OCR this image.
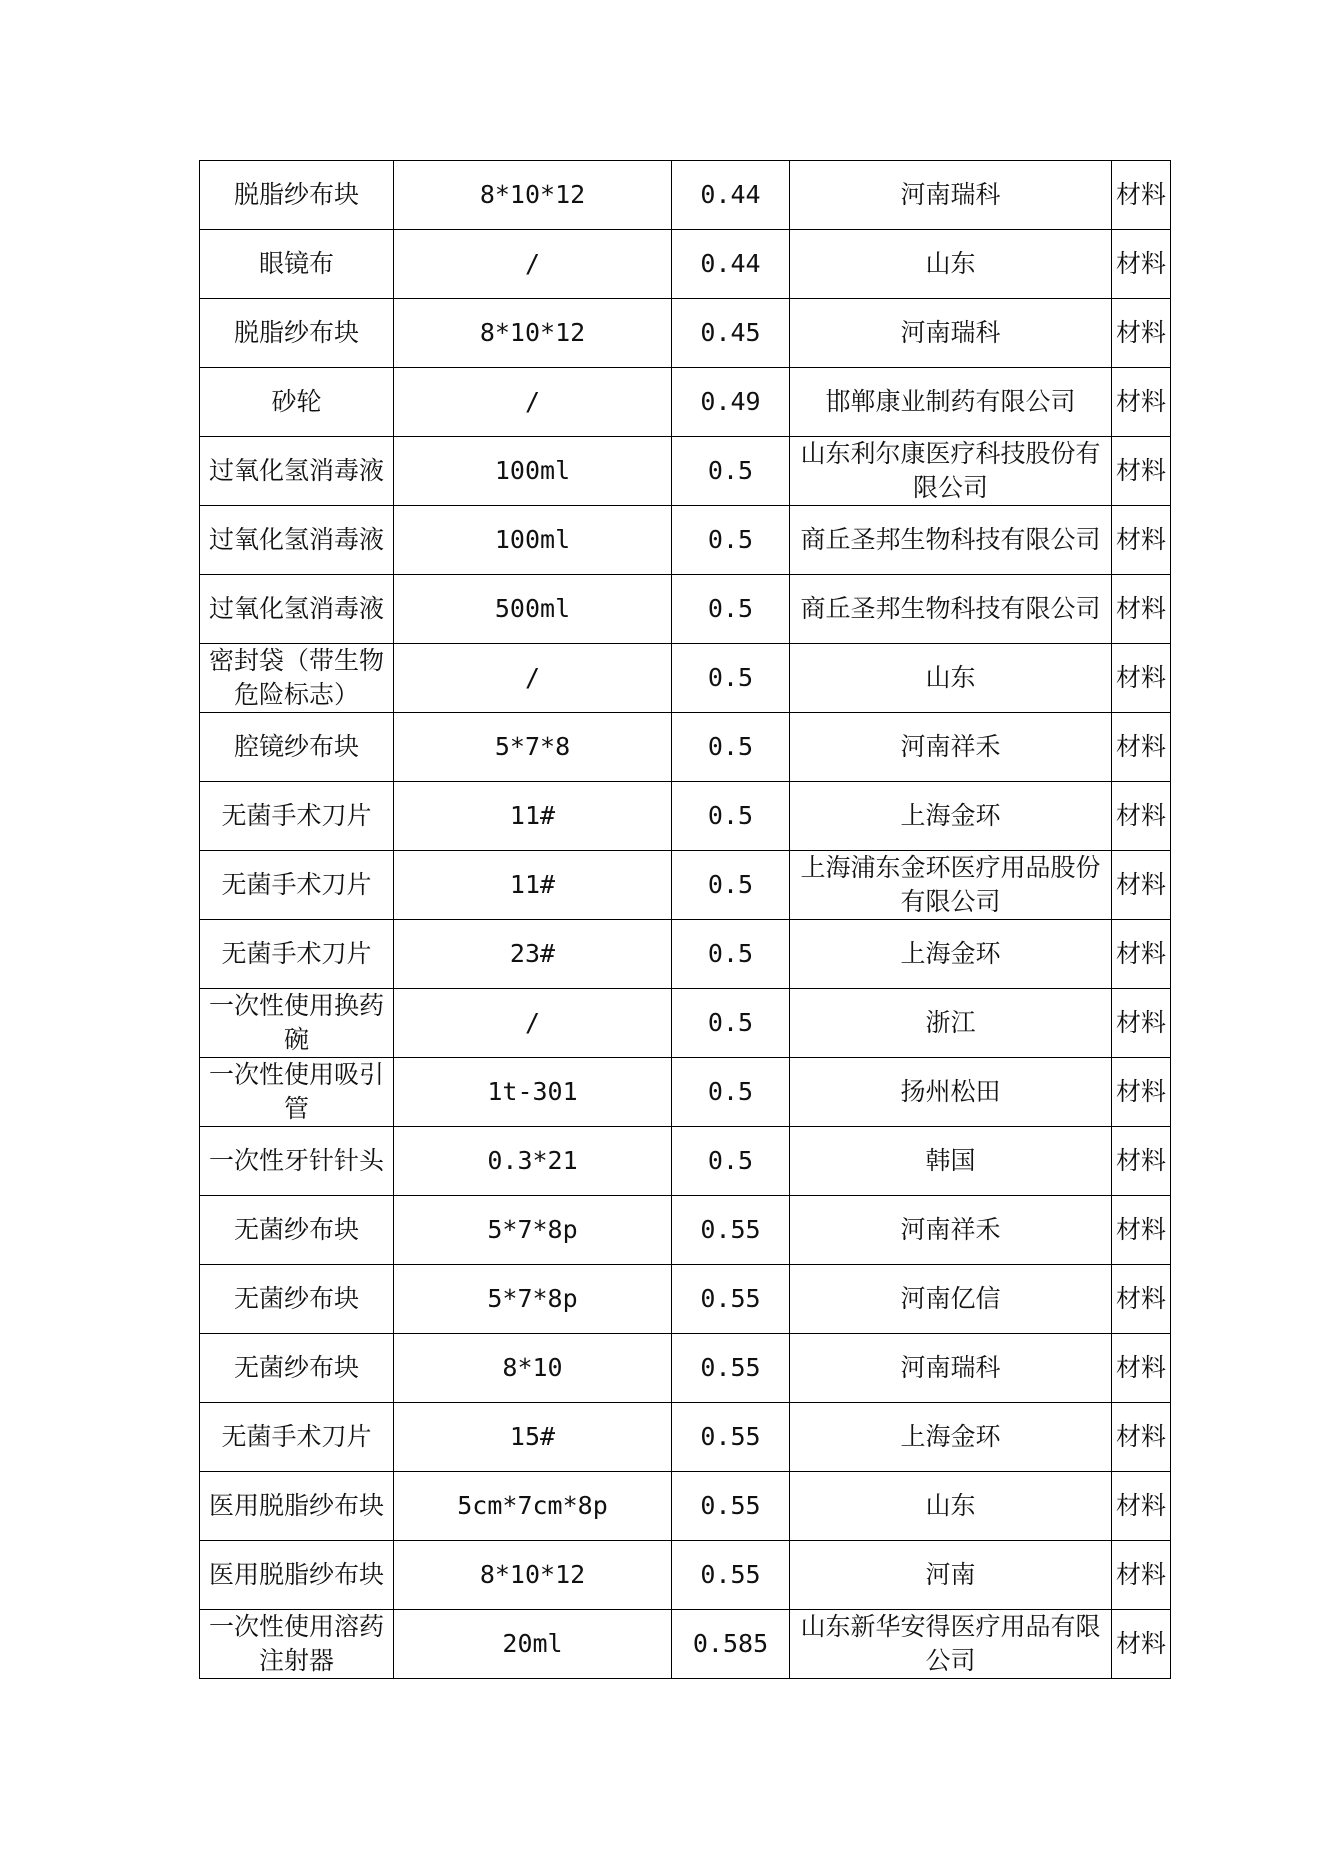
脱脂纱布块	8*10*12	0.44	河南瑞科	材料

眼镜布	/	0.44	山东	材料

脱脂纱布块	8*10*12	0.45	河南瑞科	材料

砂轮	/	0.49	邯郸康业制药有限公司	材料

过氧化氢消毒液	100ml	0.5	山东利尔康医疗科技股份有限公司	材料

过氧化氢消毒液	100ml	0.5	商丘圣邦生物科技有限公司	材料

过氧化氢消毒液	500ml	0.5	商丘圣邦生物科技有限公司	材料

密封袋（带生物危险标志）	/	0.5	山东	材料

腔镜纱布块	5*7*8	0.5	河南祥禾	材料

无菌手术刀片	11#	0.5	上海金环	材料

无菌手术刀片	11#	0.5	上海浦东金环医疗用品股份有限公司	材料

无菌手术刀片	23#	0.5	上海金环	材料

一次性使用换药碗	/	0.5	浙江	材料

一次性使用吸引管	1t-301	0.5	扬州松田	材料

一次性牙针针头	0.3*21	0.5	韩国	材料

无菌纱布块	5*7*8p	0.55	河南祥禾	材料

无菌纱布块	5*7*8p	0.55	河南亿信	材料

无菌纱布块	8*10	0.55	河南瑞科	材料

无菌手术刀片	15#	0.55	上海金环	材料

医用脱脂纱布块	5cm*7cm*8p	0.55	山东	材料

医用脱脂纱布块	8*10*12	0.55	河南	材料

一次性使用溶药注射器	20ml	0.585	山东新华安得医疗用品有限公司	材料
